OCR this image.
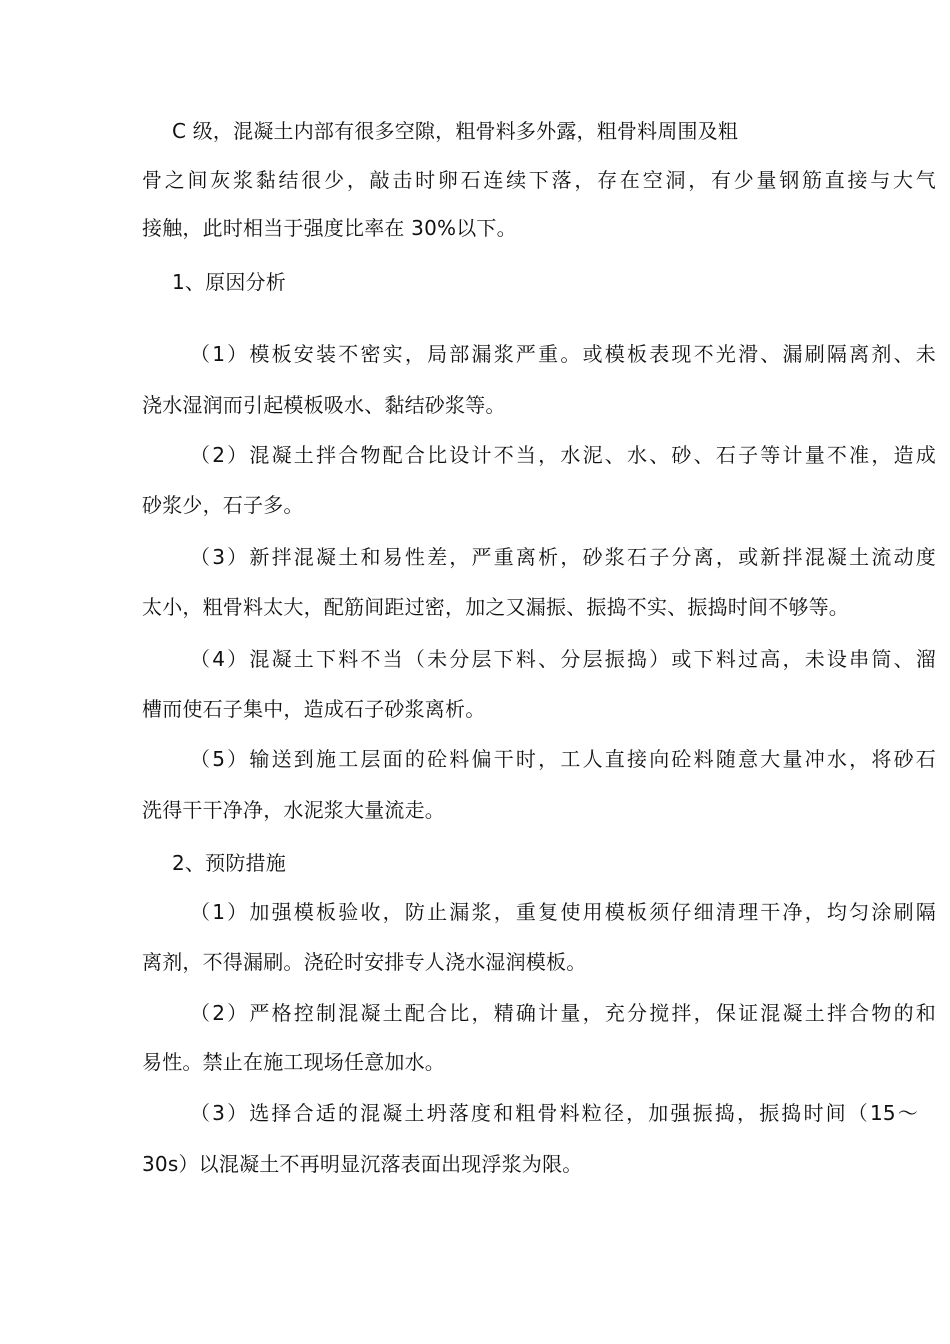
C 级，混凝土内部有很多空隙，粗骨料多外露，粗骨料周围及粗
骨之间灰浆黏结很少，敲击时卵石连续下落，存在空洞，有少量钢筋直接与大气
接触，此时相当于强度比率在 30%以下。
1、原因分析
（1）模板安装不密实，局部漏浆严重。或模板表现不光滑、漏刷隔离剂、未
浇水湿润而引起模板吸水、黏结砂浆等。
（2）混凝土拌合物配合比设计不当，水泥、水、砂、石子等计量不准，造成
砂浆少，石子多。
（3）新拌混凝土和易性差，严重离析，砂浆石子分离，或新拌混凝土流动度
太小，粗骨料太大，配筋间距过密，加之又漏振、振捣不实、振捣时间不够等。
（4）混凝土下料不当（未分层下料、分层振捣）或下料过高，未设串筒、溜
槽而使石子集中，造成石子砂浆离析。
（5）输送到施工层面的砼料偏干时，工人直接向砼料随意大量冲水，将砂石
洗得干干净净，水泥浆大量流走。
2、预防措施
（1）加强模板验收，防止漏浆，重复使用模板须仔细清理干净，均匀涂刷隔
离剂，不得漏刷。浇砼时安排专人浇水湿润模板。
（2）严格控制混凝土配合比，精确计量，充分搅拌，保证混凝土拌合物的和
易性。禁止在施工现场任意加水。
（3）选择合适的混凝土坍落度和粗骨料粒径，加强振捣，振捣时间（15～
30s）以混凝土不再明显沉落表面出现浮浆为限。
